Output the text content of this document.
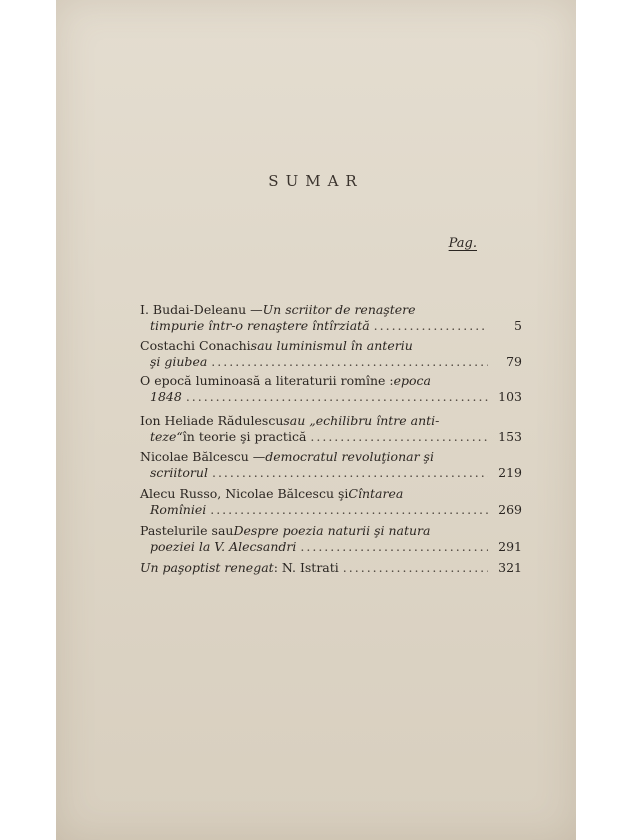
SUMAR
Pag.
I. Budai-Deleanu — Un scriitor de renaştere
timpurie într-o renaştere întîrziată .....	5
Costachi Conachi sau luminismul în anteriu
şi giubea .....	79
O epocă luminoasă a literaturii romîne : epoca
1848 .....	103
Ion Heliade Rădulescu sau „echilibru între anti-
teze“ în teorie şi practică .....	153
Nicolae Bălcescu — democratul revoluţionar şi
scriitorul .....	219
Alecu Russo, Nicolae Bălcescu şi Cîntarea
Romîniei .....	269
Pastelurile sau Despre poezia naturii şi natura
poeziei la V. Alecsandri .....	291
Un paşoptist renegat : N. Istrati .....	321
